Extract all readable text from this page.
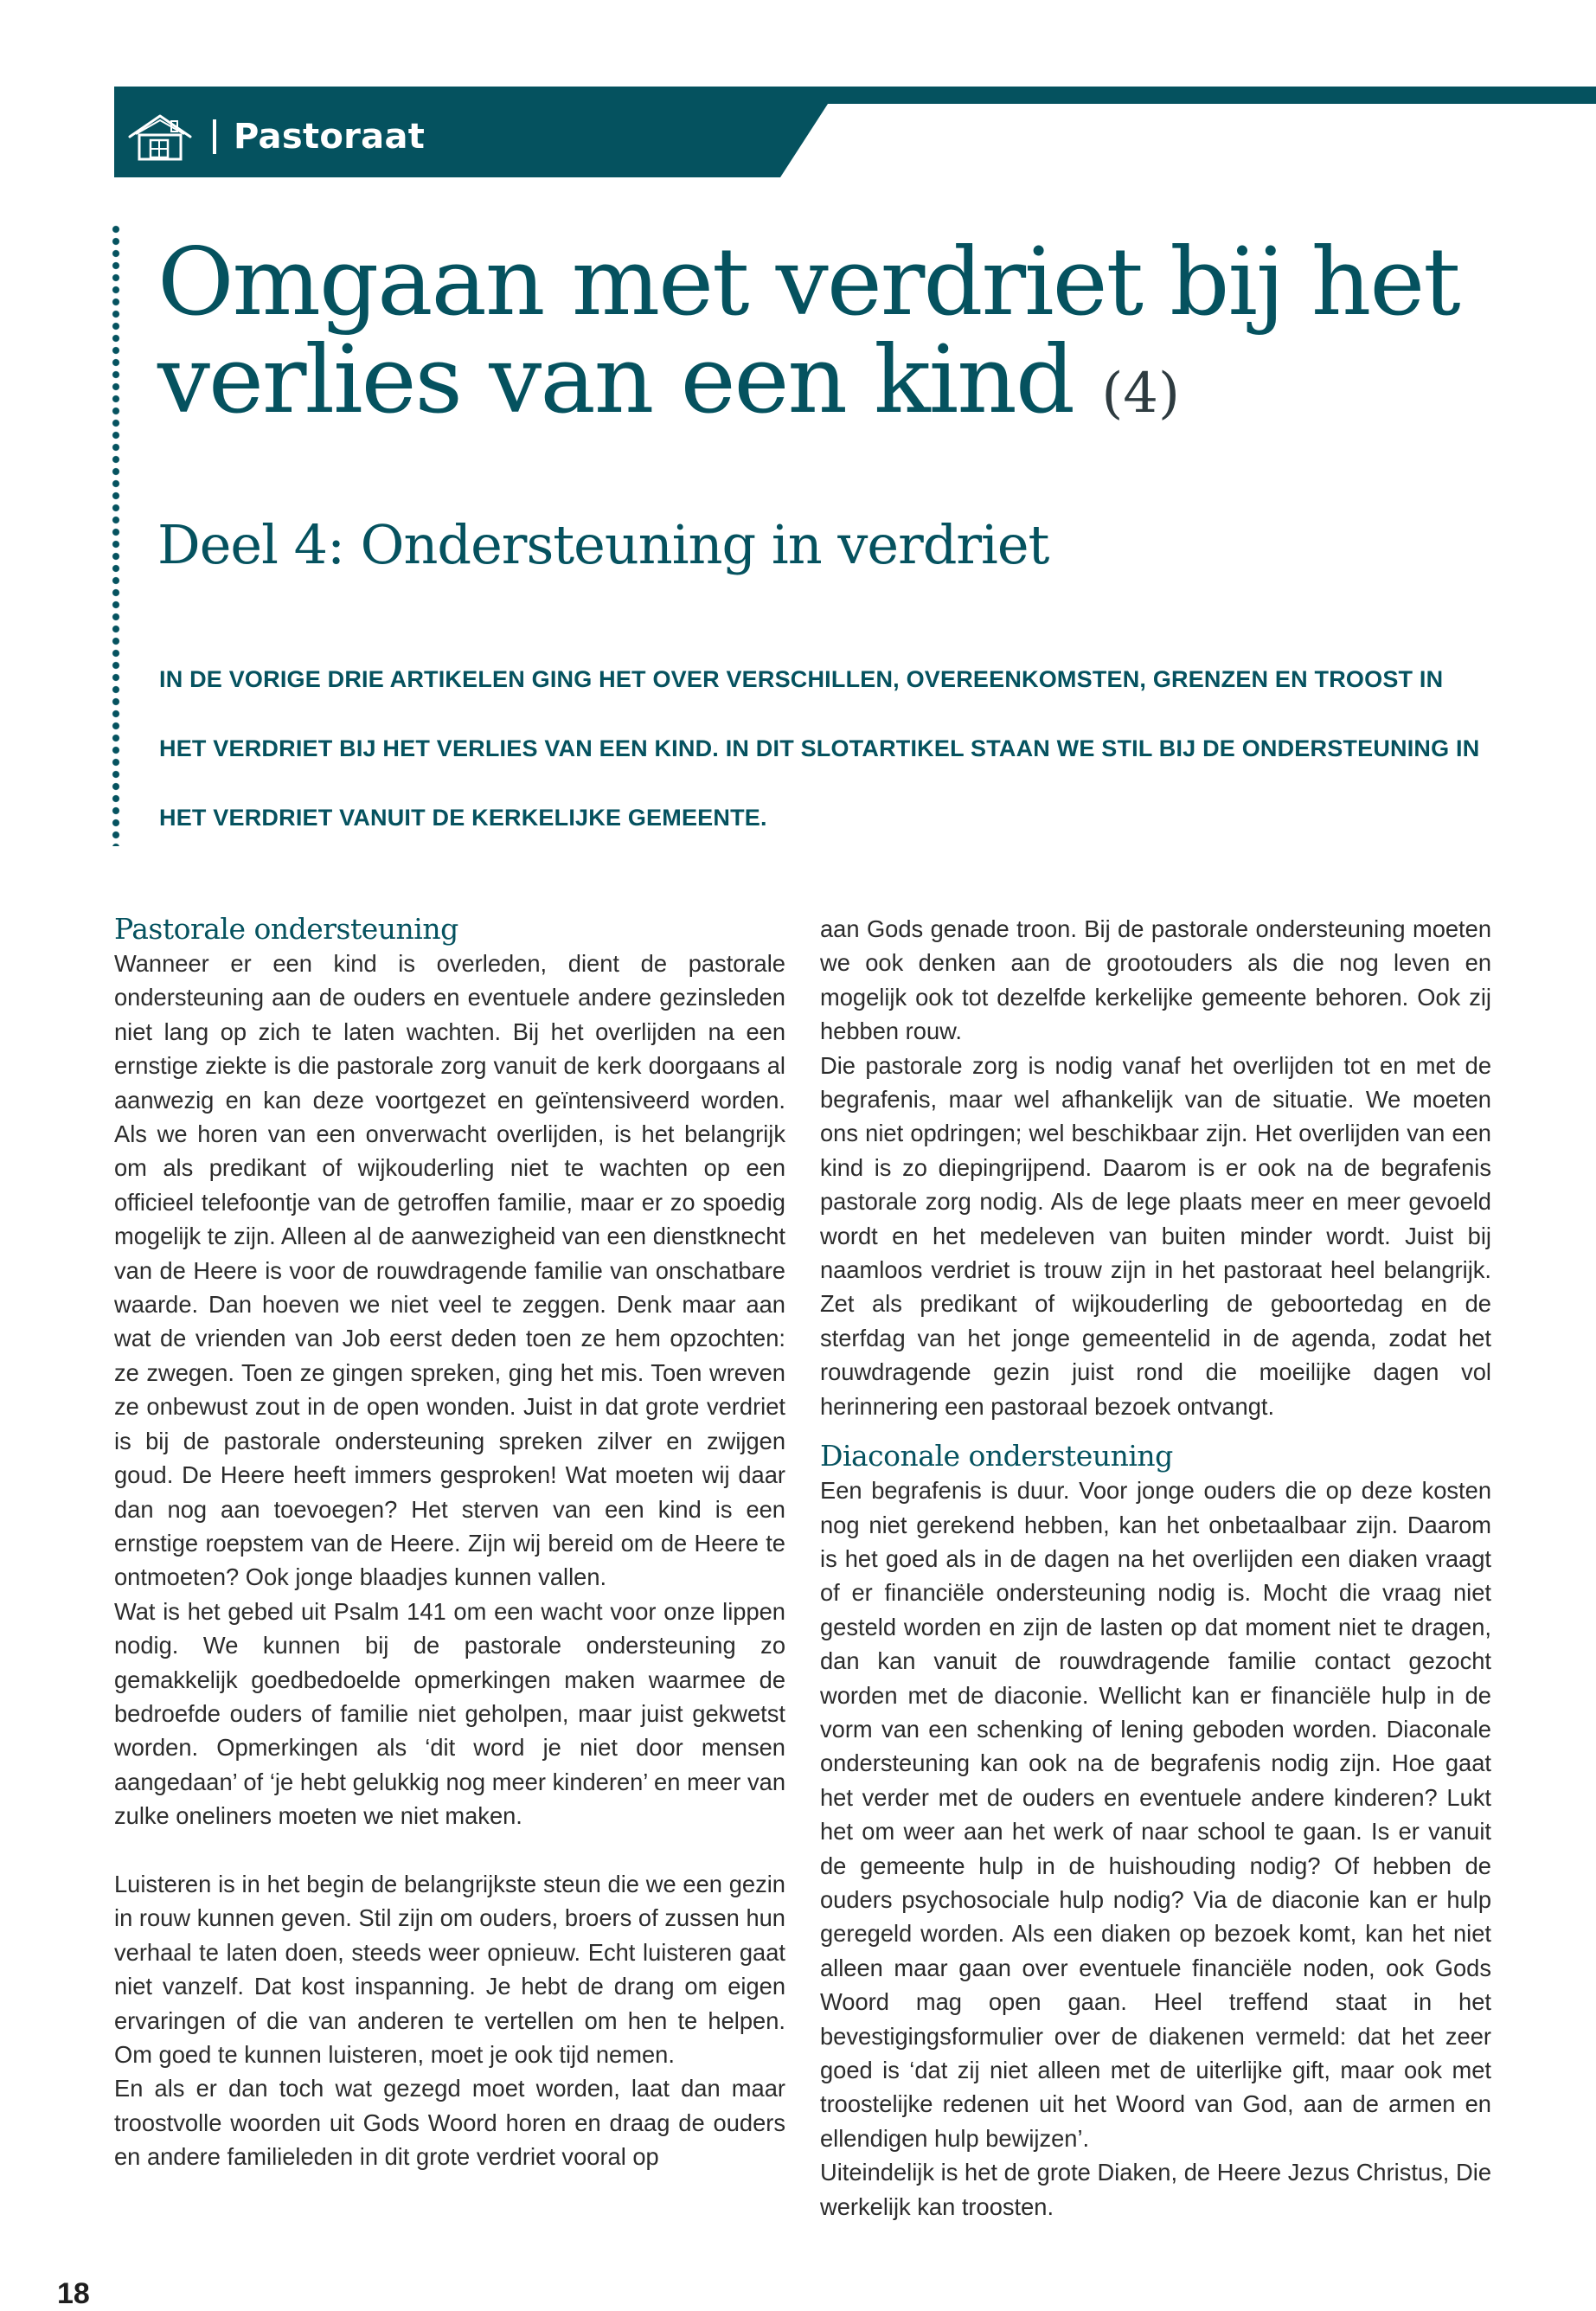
Pastoraat
Omgaan met verdriet bij het
verlies van een kind (4)
Deel 4: Ondersteuning in verdriet
IN DE VORIGE DRIE ARTIKELEN GING HET OVER VERSCHILLEN, OVEREENKOMSTEN, GRENZEN EN TROOST IN
HET VERDRIET BIJ HET VERLIES VAN EEN KIND. IN DIT SLOTARTIKEL STAAN WE STIL BIJ DE ONDERSTEUNING IN
HET VERDRIET VANUIT DE KERKELIJKE GEMEENTE.
Pastorale ondersteuning

Wanneer er een kind is overleden, dient de pastorale ondersteuning aan de ouders en eventuele andere gezinsleden niet lang op zich te laten wachten. Bij het overlijden na een ernstige ziekte is die pastorale zorg vanuit de kerk doorgaans al aanwezig en kan deze voortgezet en geïntensiveerd worden. Als we horen van een onverwacht overlijden, is het belangrijk om als predikant of wijkouderling niet te wachten op een officieel telefoontje van de getroffen familie, maar er zo spoedig mogelijk te zijn. Alleen al de aanwezigheid van een dienstknecht van de Heere is voor de rouwdragende familie van onschatbare waarde. Dan hoeven we niet veel te zeggen. Denk maar aan wat de vrienden van Job eerst deden toen ze hem opzochten: ze zwegen. Toen ze gingen spreken, ging het mis. Toen wreven ze onbewust zout in de open wonden. Juist in dat grote verdriet is bij de pastorale ondersteuning spreken zilver en zwijgen goud. De Heere heeft immers gesproken! Wat moeten wij daar dan nog aan toevoegen? Het sterven van een kind is een ernstige roepstem van de Heere. Zijn wij bereid om de Heere te ontmoeten? Ook jonge blaadjes kunnen vallen.

Wat is het gebed uit Psalm 141 om een wacht voor onze lippen nodig. We kunnen bij de pastorale ondersteuning zo gemakkelijk goedbedoelde opmerkingen maken waarmee de bedroefde ouders of familie niet geholpen, maar juist gekwetst worden. Opmerkingen als ‘dit word je niet door mensen aangedaan’ of ‘je hebt gelukkig nog meer kinderen’ en meer van zulke oneliners moeten we niet maken.

Luisteren is in het begin de belangrijkste steun die we een gezin in rouw kunnen geven. Stil zijn om ouders, broers of zussen hun verhaal te laten doen, steeds weer opnieuw. Echt luisteren gaat niet vanzelf. Dat kost inspanning. Je hebt de drang om eigen ervaringen of die van anderen te vertellen om hen te helpen. Om goed te kunnen luisteren, moet je ook tijd nemen.

En als er dan toch wat gezegd moet worden, laat dan maar troostvolle woorden uit Gods Woord horen en draag de ouders en andere familieleden in dit grote verdriet vooral op

aan Gods genade troon. Bij de pastorale ondersteuning moeten we ook denken aan de grootouders als die nog leven en mogelijk ook tot dezelfde kerkelijke gemeente behoren. Ook zij hebben rouw.

Die pastorale zorg is nodig vanaf het overlijden tot en met de begrafenis, maar wel afhankelijk van de situatie. We moeten ons niet opdringen; wel beschikbaar zijn. Het overlijden van een kind is zo diepingrijpend. Daarom is er ook na de begrafenis pastorale zorg nodig. Als de lege plaats meer en meer gevoeld wordt en het medeleven van buiten minder wordt. Juist bij naamloos verdriet is trouw zijn in het pastoraat heel belangrijk. Zet als predikant of wijkouderling de geboortedag en de sterfdag van het jonge gemeentelid in de agenda, zodat het rouwdragende gezin juist rond die moeilijke dagen vol herinnering een pastoraal bezoek ontvangt.

Diaconale ondersteuning

Een begrafenis is duur. Voor jonge ouders die op deze kosten nog niet gerekend hebben, kan het onbetaalbaar zijn. Daarom is het goed als in de dagen na het overlijden een diaken vraagt of er financiële ondersteuning nodig is. Mocht die vraag niet gesteld worden en zijn de lasten op dat moment niet te dragen, dan kan vanuit de rouwdragende familie contact gezocht worden met de diaconie. Wellicht kan er financiële hulp in de vorm van een schenking of lening geboden worden. Diaconale ondersteuning kan ook na de begrafenis nodig zijn. Hoe gaat het verder met de ouders en eventuele andere kinderen? Lukt het om weer aan het werk of naar school te gaan. Is er vanuit de gemeente hulp in de huishouding nodig? Of hebben de ouders psychosociale hulp nodig? Via de diaconie kan er hulp geregeld worden. Als een diaken op bezoek komt, kan het niet alleen maar gaan over eventuele financiële noden, ook Gods Woord mag open gaan. Heel treffend staat in het bevestigingsformulier over de diakenen vermeld: dat het zeer goed is ‘dat zij niet alleen met de uiterlijke gift, maar ook met troostelijke redenen uit het Woord van God, aan de armen en ellendigen hulp bewijzen’.

Uiteindelijk is het de grote Diaken, de Heere Jezus Christus, Die werkelijk kan troosten.

18
